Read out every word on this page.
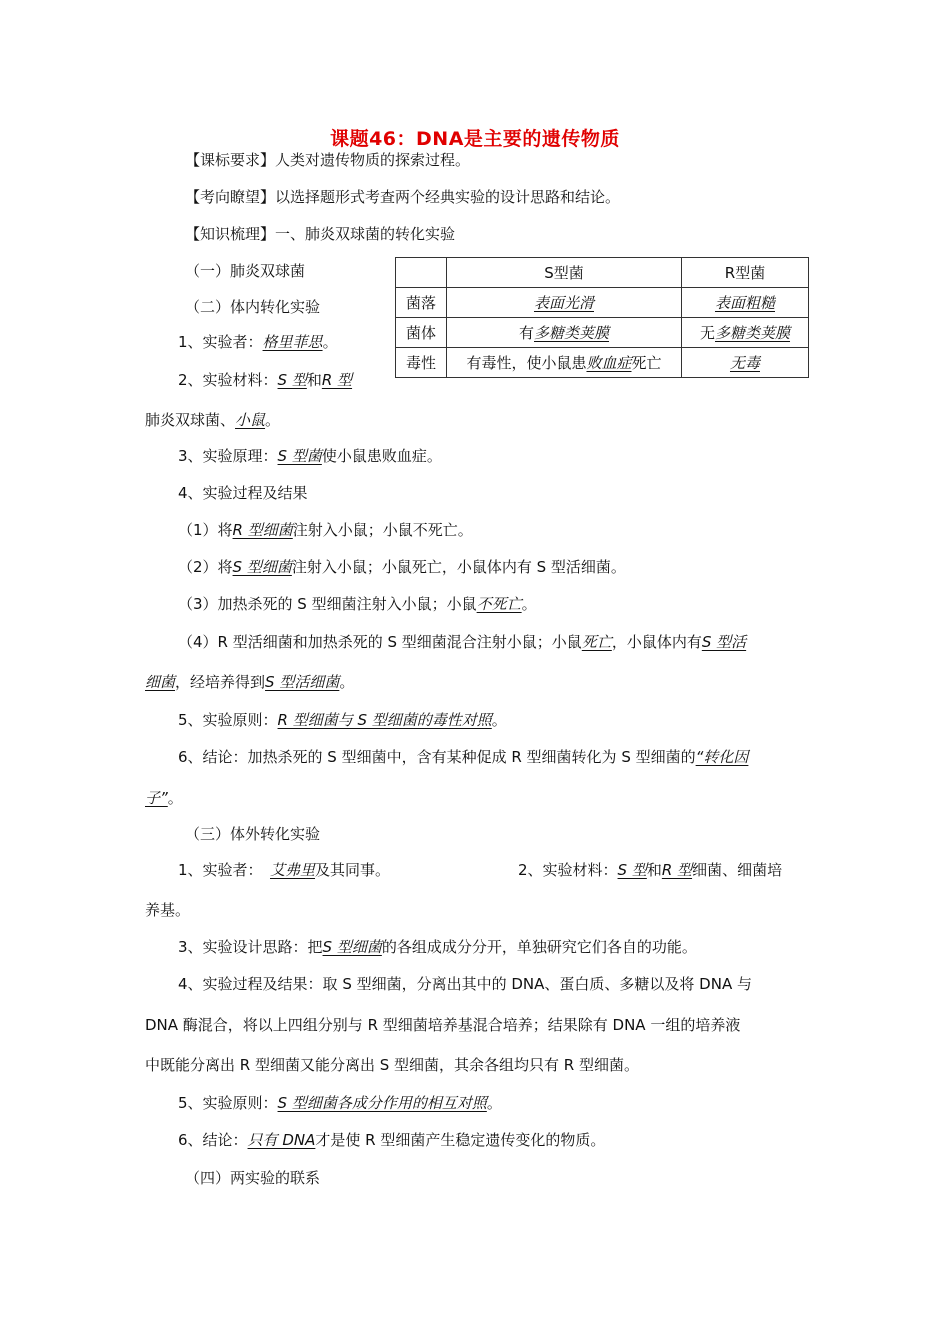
课题46：DNA是主要的遗传物质
【课标要求】人类对遗传物质的探索过程。
【考向瞭望】以选择题形式考查两个经典实验的设计思路和结论。
【知识梳理】一、肺炎双球菌的转化实验
（一）肺炎双球菌
		S型菌	R型菌
菌落	表面光滑	表面粗糙
菌体	有多糖类荚膜	无多糖类荚膜
毒性	有毒性，使小鼠患败血症死亡	无毒
（二）体内转化实验
1、实验者：格里菲思。
2、实验材料：S 型和R 型
肺炎双球菌、小鼠。
3、实验原理：S 型菌使小鼠患败血症。
4、实验过程及结果
（1）将R 型细菌注射入小鼠；小鼠不死亡。
（2）将S 型细菌注射入小鼠；小鼠死亡，小鼠体内有 S 型活细菌。
（3）加热杀死的 S 型细菌注射入小鼠；小鼠不死亡。
（4）R 型活细菌和加热杀死的 S 型细菌混合注射小鼠；小鼠死亡，小鼠体内有S 型活
细菌，经培养得到S 型活细菌。
5、实验原则：R 型细菌与 S 型细菌的毒性对照。
6、结论：加热杀死的 S 型细菌中，含有某种促成 R 型细菌转化为 S 型细菌的“转化因
子”。
（三）体外转化实验
1、实验者： 艾弗里及其同事。	2、实验材料：S 型和R 型细菌、细菌培
养基。
3、实验设计思路：把S 型细菌的各组成成分分开，单独研究它们各自的功能。
4、实验过程及结果：取 S 型细菌，分离出其中的 DNA、蛋白质、多糖以及将 DNA 与
DNA 酶混合，将以上四组分别与 R 型细菌培养基混合培养；结果除有 DNA 一组的培养液
中既能分离出 R 型细菌又能分离出 S 型细菌，其余各组均只有 R 型细菌。
5、实验原则：S 型细菌各成分作用的相互对照。
6、结论：只有 DNA才是使 R 型细菌产生稳定遗传变化的物质。
（四）两实验的联系
